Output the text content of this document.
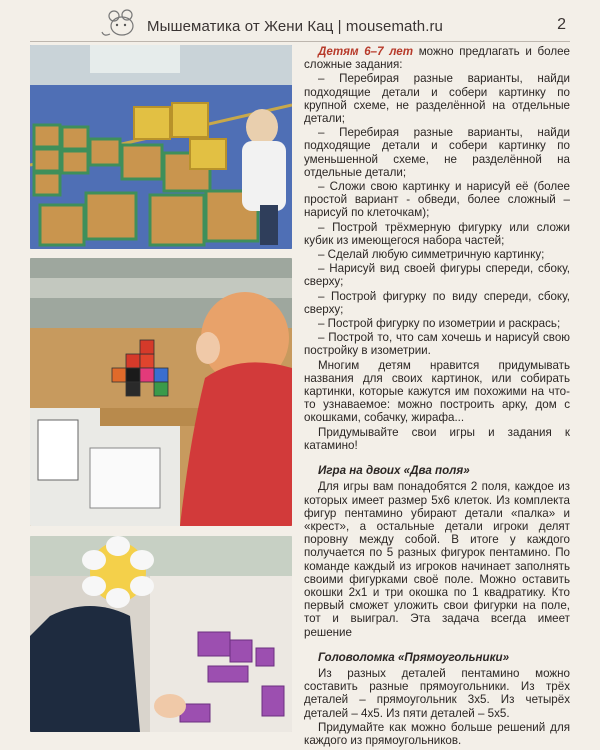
Мышематика от Жени Кац | mousemath.ru	2

Детям 6–7 лет можно предлагать и более сложные задания:

– Перебирая разные варианты, найди подходящие детали и собери картинку по крупной схеме, не разделённой на отдельные детали;

– Перебирая разные варианты, найди подходящие детали и собери картинку по уменьшенной схеме, не разделённой на отдельные детали;

– Сложи свою картинку и нарисуй её (более простой вариант - обведи, более сложный – нарисуй по клеточкам);

– Построй трёхмерную фигурку или сложи кубик из имеющегося набора частей;

– Сделай любую симметричную картинку;

– Нарисуй вид своей фигуры спереди, сбоку, сверху;

– Построй фигурку по виду спереди, сбоку, сверху;

– Построй фигурку по изометрии и раскрась;

– Построй то, что сам хочешь и нарисуй свою постройку в изометрии.

Многим детям нравится придумывать названия для своих картинок, или собирать картинки, которые кажутся им похожими на что-то узнаваемое: можно построить арку, дом с окошками, собачку, жирафа...

Придумывайте свои игры и задания к катамино!

Игра на двоих «Два поля»

Для игры вам понадобятся 2 поля, каждое из которых имеет размер 5х6 клеток. Из комплекта фигур пентамино убирают детали «палка» и «крест», а остальные детали игроки делят поровну между собой. В итоге у каждого получается по 5 разных фигурок пентамино. По команде каждый из игроков начинает заполнять своими фигурками своё поле. Можно оставить окошки 2х1 и три окошка по 1 квадратику. Кто первый сможет уложить свои фигурки на поле, тот и выиграл. Эта задача всегда имеет решение

Головоломка «Прямоугольники»

Из разных деталей пентамино можно составить разные прямоугольники. Из трёх деталей – прямоугольник 3х5. Из четырёх деталей – 4х5. Из пяти деталей – 5х5.

Придумайте как можно больше решений для каждого из прямоугольников.
